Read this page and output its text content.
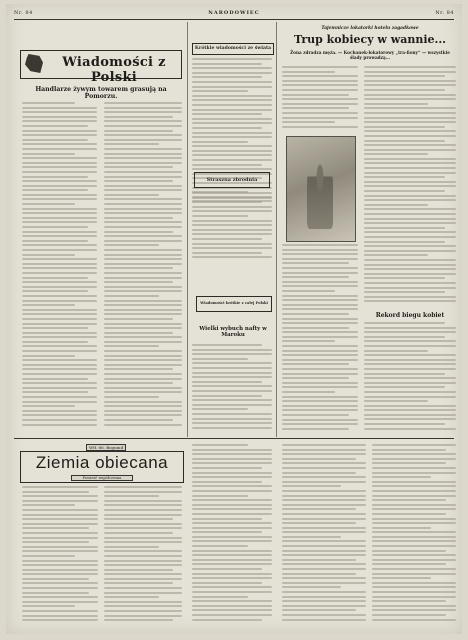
Nr. 84	NARODOWIEC	Nr. 84
Wiadomości z Polski
Handlarze żywym towarem grasują na Pomorzu.
Krótkie wiadomości ze świata
Straszna zbrodnia
Wiadomości krótkie z całej Polski
Wielki wybuch nafty w Maroku
Tajemnicze lokatorki hotelu zagadkowe
Trup kobiecy w wannie...
Żona zdradza męża. — Kochanek-lokatorowy „tra-fiony“ — wszystkie ślady prowadzą...
Rekord biegu kobiet
Wtł. 86. Bogumił
Ziemia obiecana
Powieść współczesna
